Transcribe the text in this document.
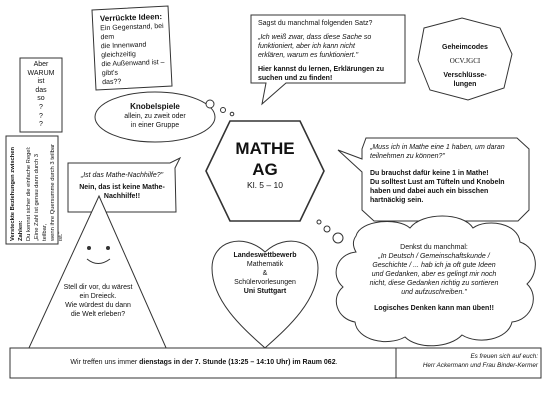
Verrückte Ideen:
Ein Gegenstand, bei dem
die Innenwand gleichzeitig
die Außenwand ist – gibt's
das??
Aber
WARUM
ist
das
so
?
?
?
Sagst du manchmal folgenden Satz?
„Ich weiß zwar, dass diese Sache so
funktioniert, aber ich kann nicht
erklären, warum es funktioniert."
Hier kannst du lernen, Erklärungen zu
suchen und zu finden!
Geheimcodes
OCV.JGCI
Verschlüsse-
lungen
Knobelspiele
allein, zu zweit oder
in einer Gruppe
MATHE
AG
Kl. 5 – 10
„Ist das Mathe-Nachhilfe?"
Nein, das ist keine Mathe-
Nachhilfe!!
Versteckte Beziehungen zwischen Zahlen: Du kennst sicher die einfache Regel: „Eine Zahl ist genau dann durch 3 teilbar, wenn ihre Quersumme durch 3 teilbar ist."
„Muss ich in Mathe eine 1 haben, um daran
teilnehmen zu können?"
Du brauchst dafür keine 1 in Mathe!
Du solltest Lust am Tüfteln und Knobeln
haben und dabei auch ein bisschen
hartnäckig sein.
Stell dir vor, du wärest
ein Dreieck.
Wie würdest du dann
die Welt erleben?
Landeswettbewerb
Mathematik
&
Schülervorlesungen
Uni Stuttgart
Denkst du manchmal:
„In Deutsch / Gemeinschaftskunde /
Geschichte / ... hab ich ja oft gute Ideen
und Gedanken, aber es gelingt mir noch
nicht, diese Gedanken richtig zu sortieren
und aufzuschreiben."
Logisches Denken kann man üben!!
Wir treffen uns immer dienstags in der 7. Stunde (13:25 – 14:10 Uhr) im Raum 062.
Es freuen sich auf euch:
Herr Ackermann und Frau Binder-Kermer
